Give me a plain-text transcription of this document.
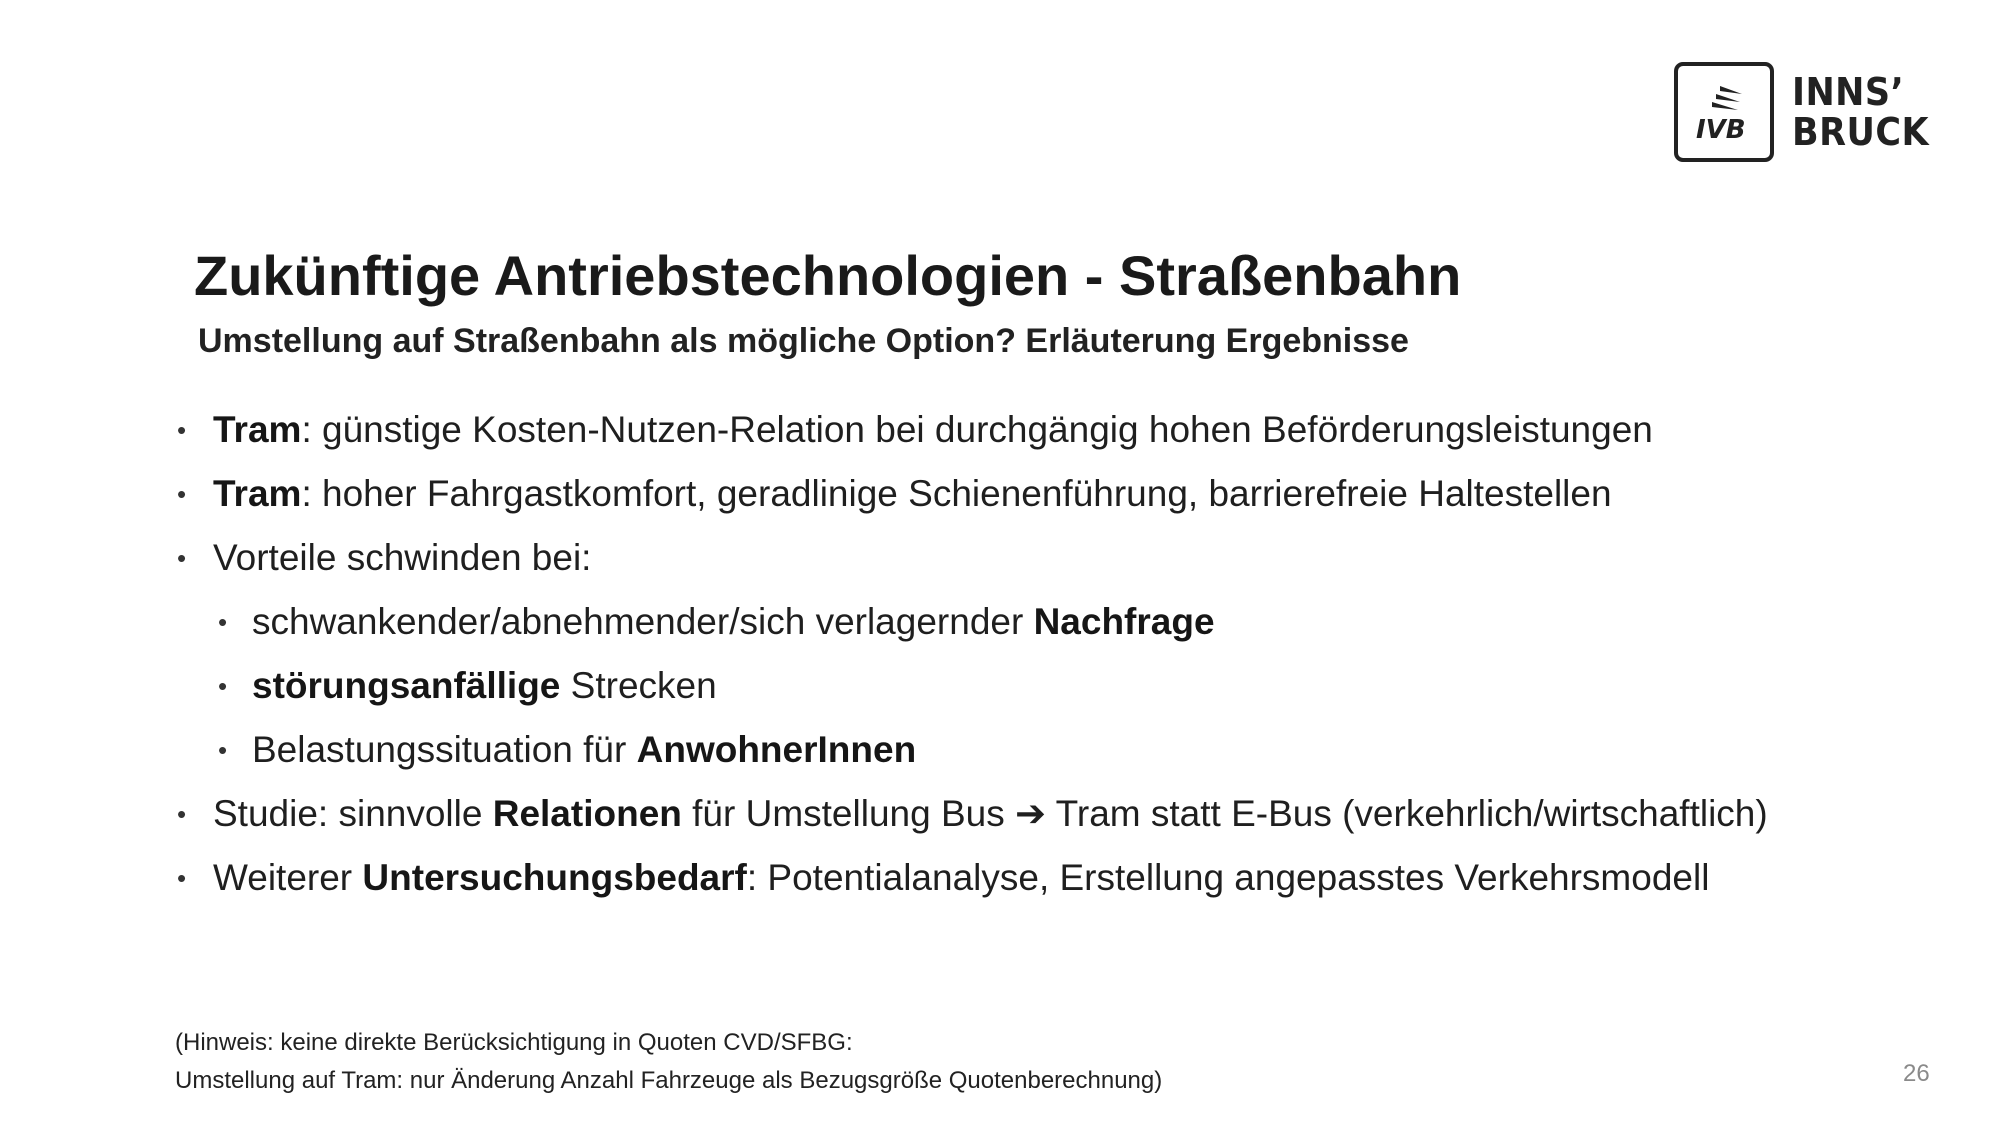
IVB
INNS’
BRUCK
Zukünftige Antriebstechnologien - Straßenbahn
Umstellung auf Straßenbahn als mögliche Option? Erläuterung Ergebnisse
• Tram: günstige Kosten-Nutzen-Relation bei durchgängig hohen Beförderungsleistungen
• Tram: hoher Fahrgastkomfort, geradlinige Schienenführung, barrierefreie Haltestellen
• Vorteile schwinden bei:
• schwankender/abnehmender/sich verlagernder Nachfrage
• störungsanfällige Strecken
• Belastungssituation für AnwohnerInnen
• Studie: sinnvolle Relationen für Umstellung Bus ➔ Tram statt E-Bus (verkehrlich/wirtschaftlich)
• Weiterer Untersuchungsbedarf: Potentialanalyse, Erstellung angepasstes Verkehrsmodell
(Hinweis: keine direkte Berücksichtigung in Quoten CVD/SFBG:
Umstellung auf Tram: nur Änderung Anzahl Fahrzeuge als Bezugsgröße Quotenberechnung)	26
